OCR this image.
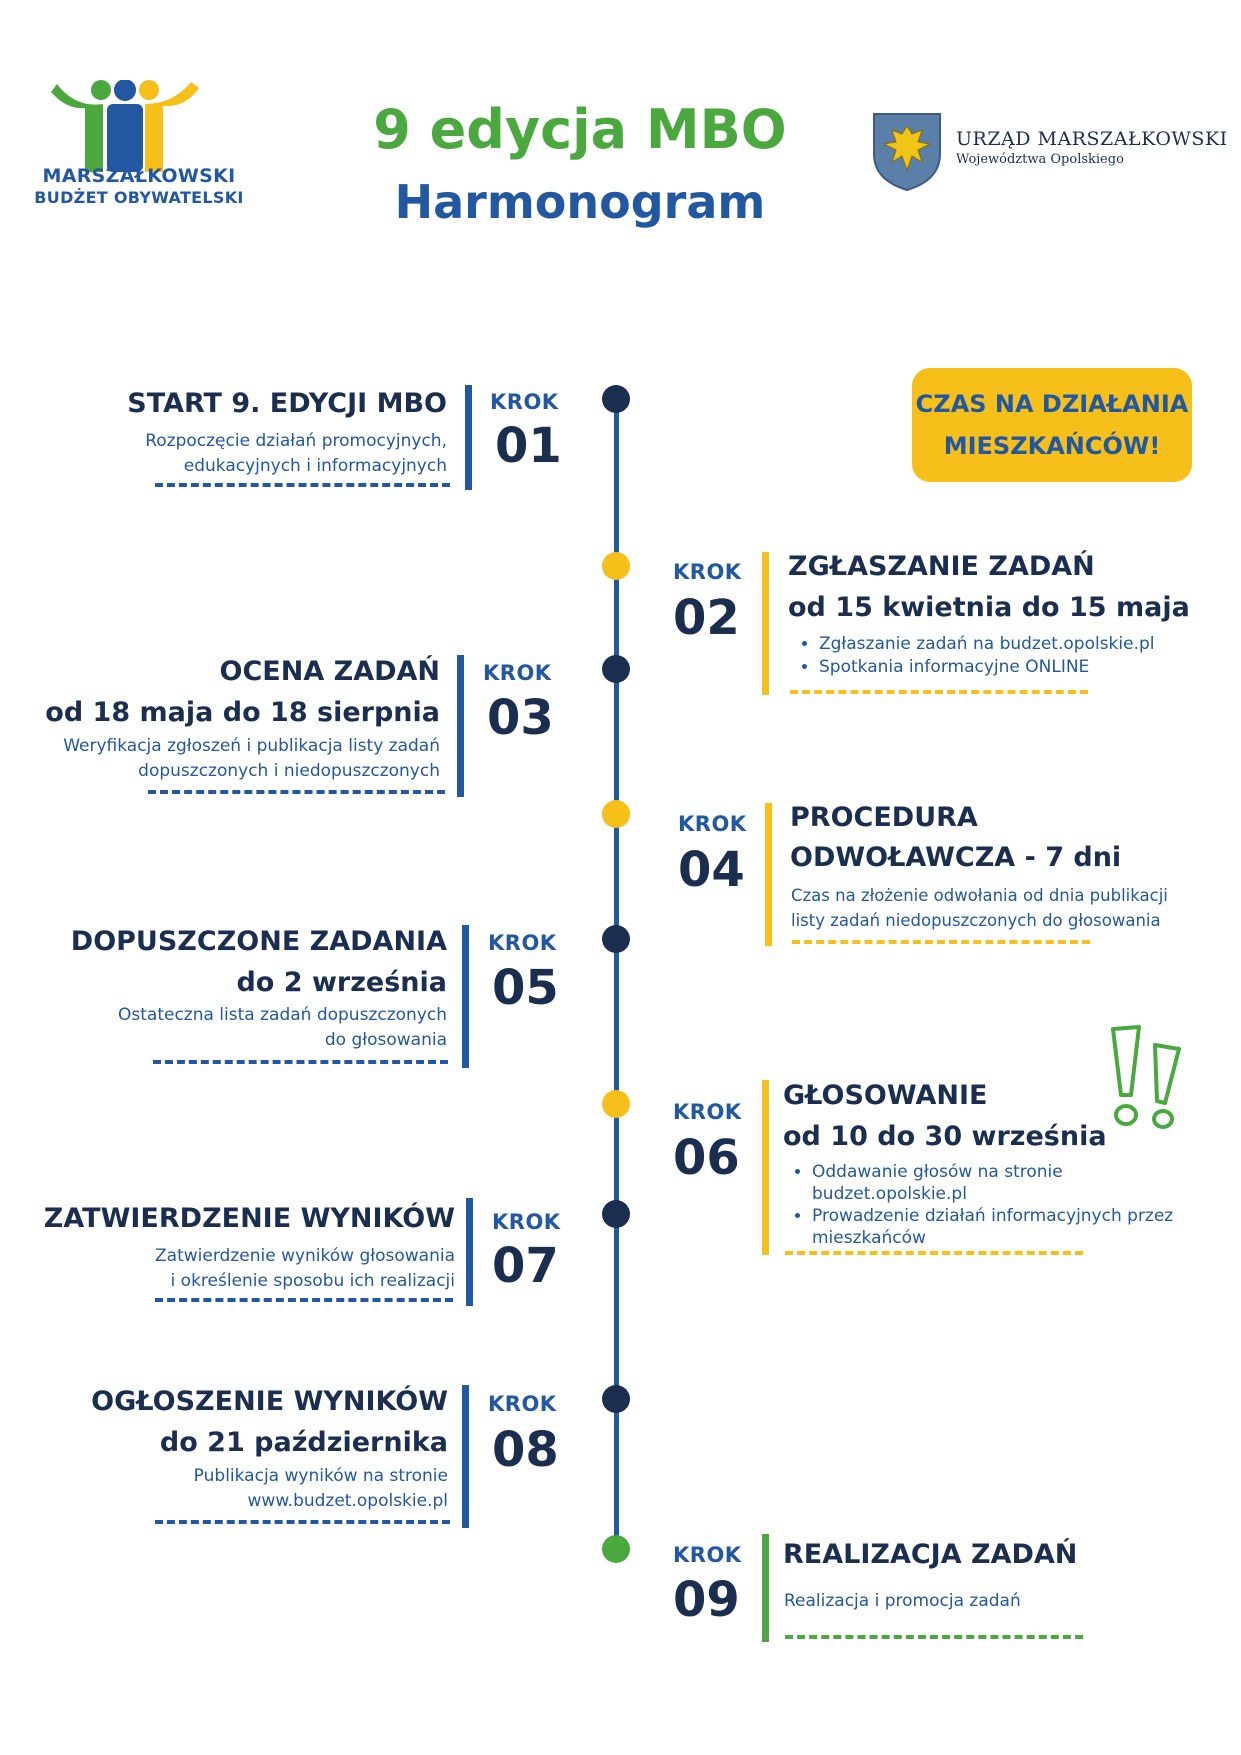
MARSZAŁKOWSKI
BUDŻET OBYWATELSKI
9 edycja MBO
Harmonogram
URZĄD MARSZAŁKOWSKI
Województwa Opolskiego
CZAS NA DZIAŁANIA
MIESZKAŃCÓW!
START 9. EDYCJI MBO
Rozpoczęcie działań promocyjnych,
edukacyjnych i informacyjnych
KROK
01
KROK
02
ZGŁASZANIE ZADAŃ
od 15 kwietnia do 15 maja
• Zgłaszanie zadań na budzet.opolskie.pl
• Spotkania informacyjne ONLINE
OCENA ZADAŃ
od 18 maja do 18 sierpnia
Weryfikacja zgłoszeń i publikacja listy zadań
dopuszczonych i niedopuszczonych
KROK
03
KROK
04
PROCEDURA
ODWOŁAWCZA - 7 dni
Czas na złożenie odwołania od dnia publikacji
listy zadań niedopuszczonych do głosowania
DOPUSZCZONE ZADANIA
do 2 września
Ostateczna lista zadań dopuszczonych
do głosowania
KROK
05
KROK
06
GŁOSOWANIE
od 10 do 30 września
• Oddawanie głosów na stronie budzet.opolskie.pl
• Prowadzenie działań informacyjnych przez mieszkańców
ZATWIERDZENIE WYNIKÓW
Zatwierdzenie wyników głosowania
i określenie sposobu ich realizacji
KROK
07
OGŁOSZENIE WYNIKÓW
do 21 października
Publikacja wyników na stronie
www.budzet.opolskie.pl
KROK
08
KROK
09
REALIZACJA ZADAŃ
Realizacja i promocja zadań
